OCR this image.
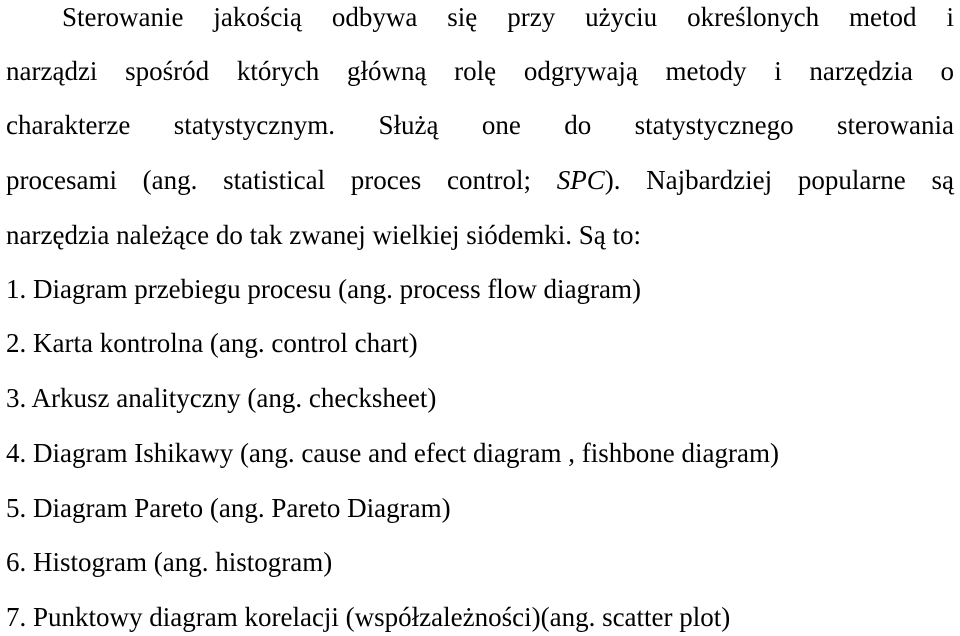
Sterowanie jakością odbywa się przy użyciu określonych metod i
narządzi spośród których główną rolę odgrywają metody i narzędzia o
charakterze statystycznym. Służą one do statystycznego sterowania
procesami (ang. statistical proces control; SPC). Najbardziej popularne są
narzędzia należące do tak zwanej wielkiej siódemki. Są to:
1. Diagram przebiegu procesu (ang. process flow diagram)
2. Karta kontrolna (ang. control chart)
3. Arkusz analityczny (ang. checksheet)
4. Diagram Ishikawy (ang. cause and efect diagram , fishbone diagram)
5. Diagram Pareto (ang. Pareto Diagram)
6. Histogram (ang. histogram)
7. Punktowy diagram korelacji (współzależności)(ang. scatter plot)
